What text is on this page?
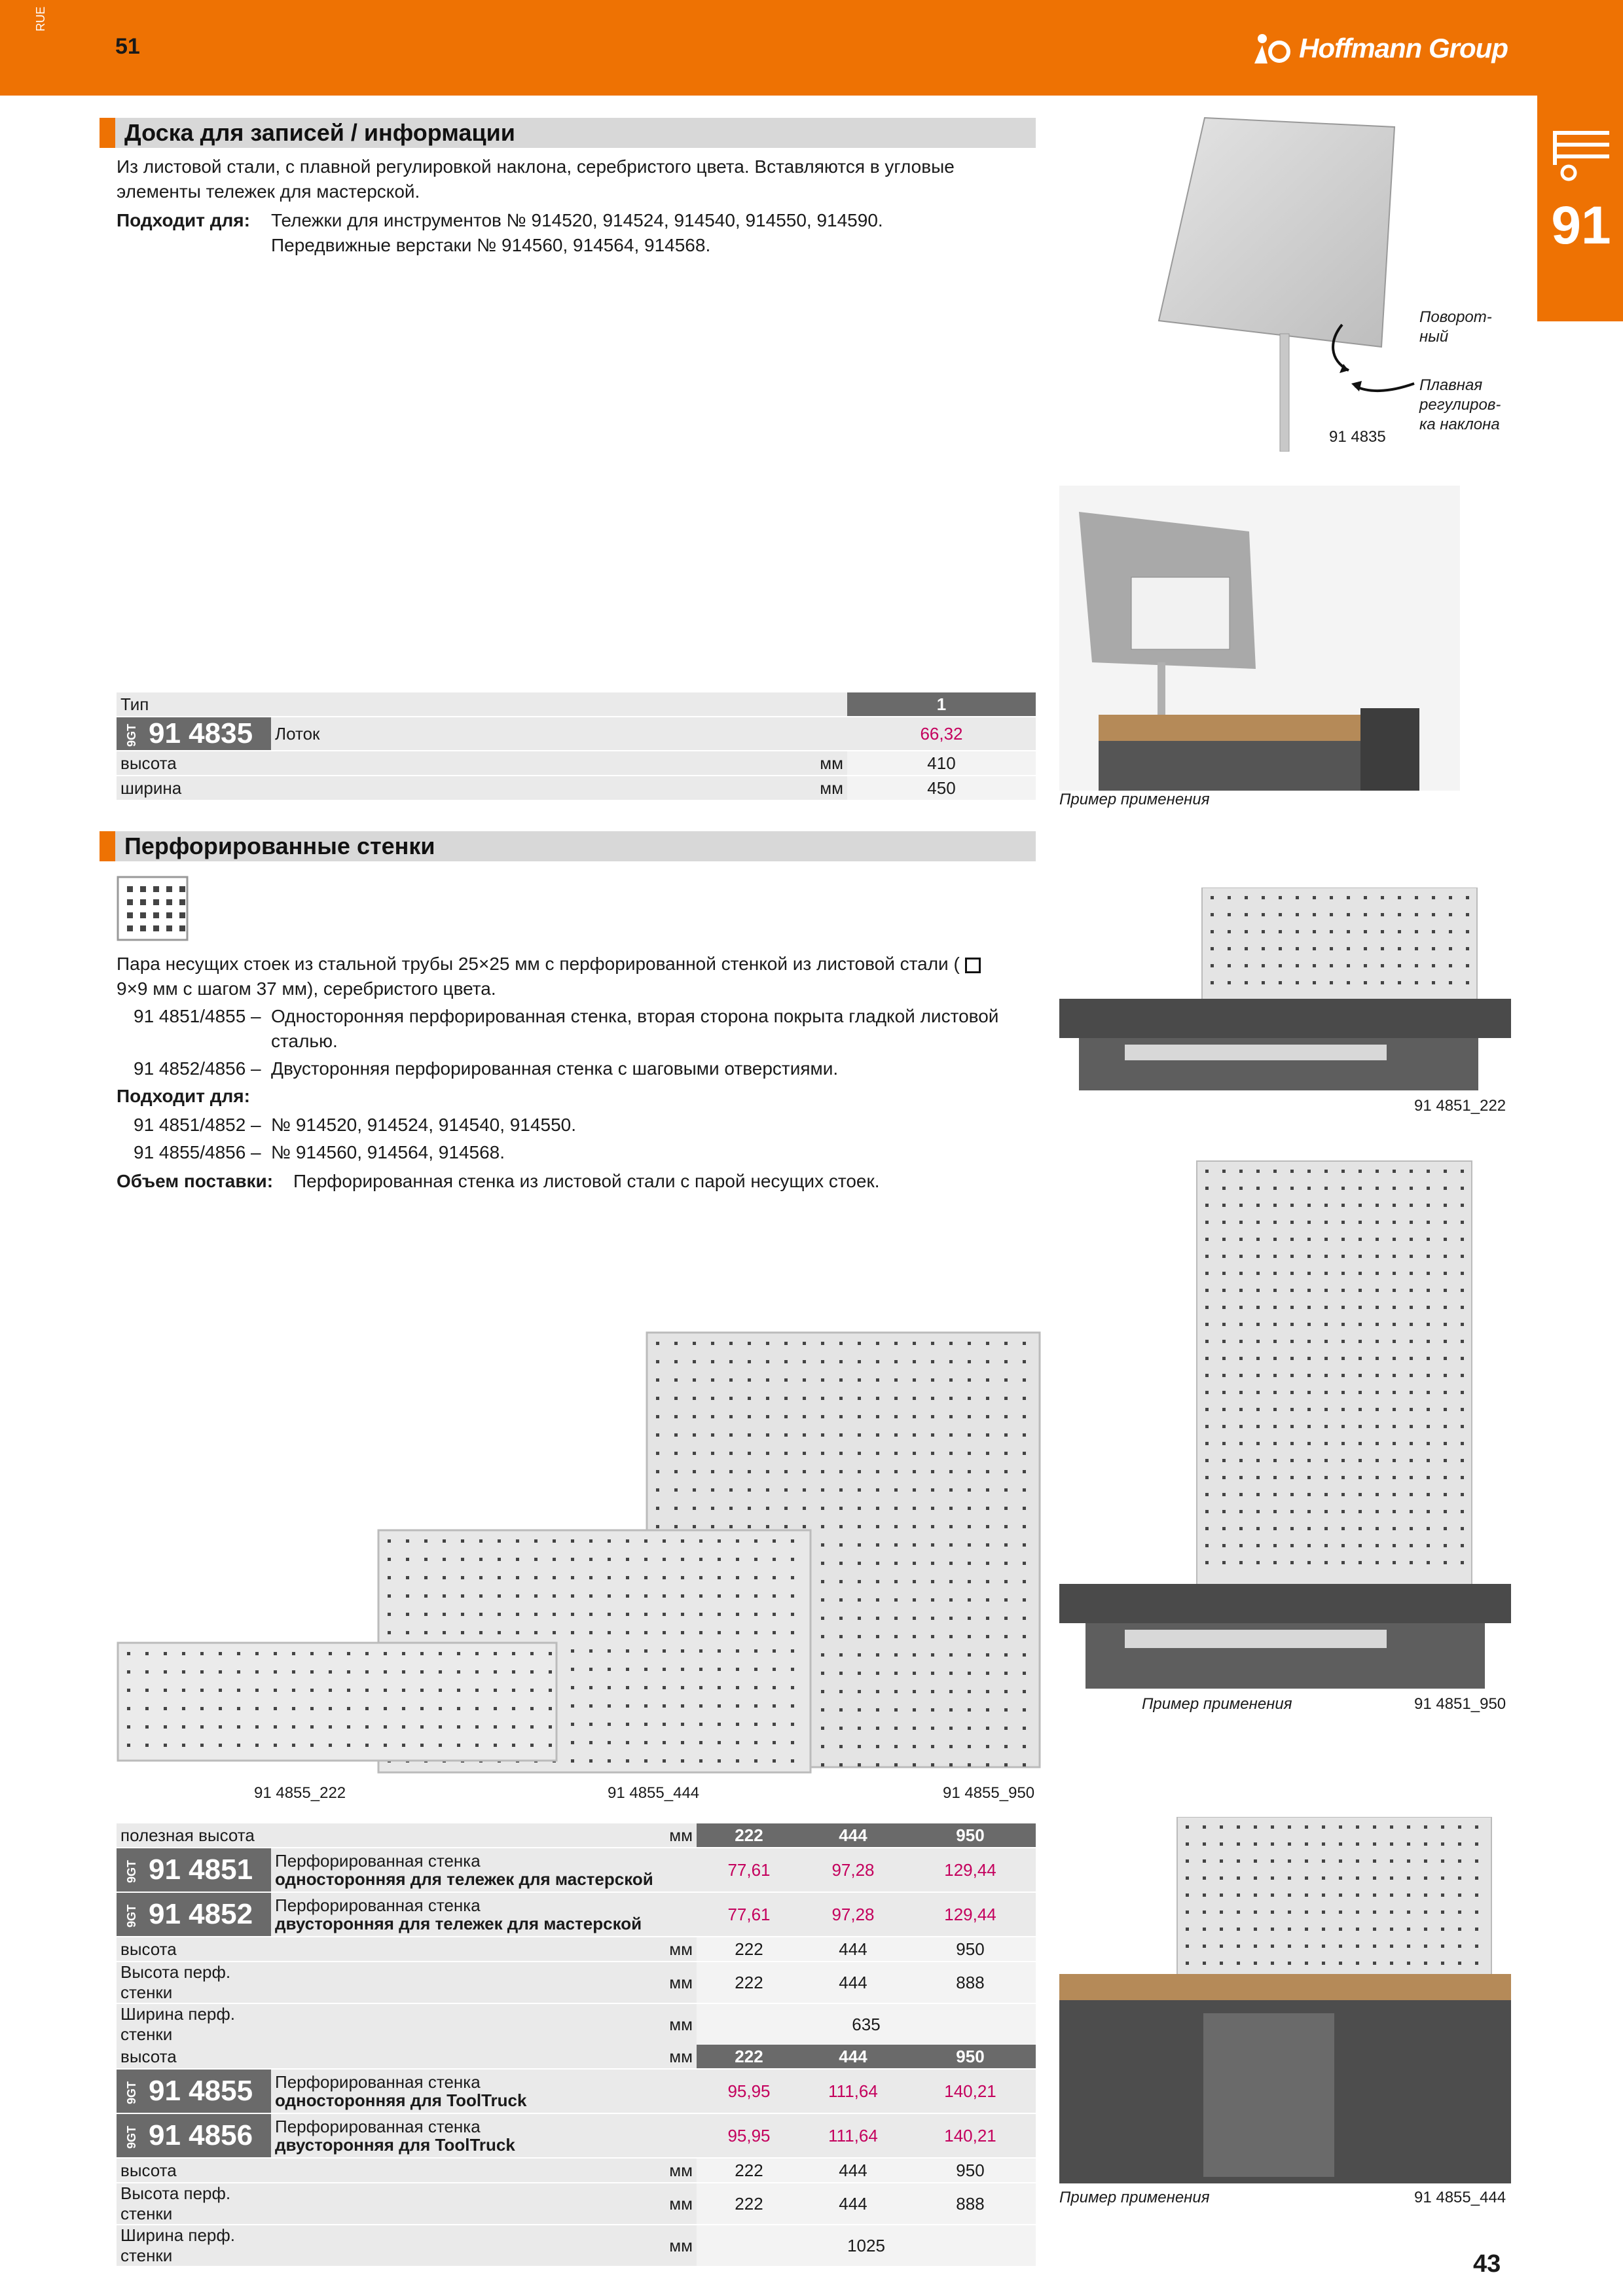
RUE
51	Hoffmann Group
91
Доска для записей / информации
Из листовой стали, с плавной регулировкой наклона, серебристого цвета. Вставляются в угловые элементы тележек для мастерской.
Подходит для: Тележки для инструментов № 914520, 914524, 914540, 914550, 914590.
Передвижные верстаки № 914560, 914564, 914568.
Поворот-
ный
Плавная
регулиров-
ка наклона
91 4835
Пример применения
Тип		1
9GT 91 4835	Лоток	66,32
высота	мм	410
ширина	мм	450
Перфорированные стенки
Пара несущих стоек из стальной трубы 25×25 мм с перфорированной стенкой из листовой стали (
9×9 мм с шагом 37 мм), серебристого цвета.
91 4851/4855 – Односторонняя перфорированная стенка, вторая сторона покрыта гладкой листовой
сталью.
91 4852/4856 – Двусторонняя перфорированная стенка с шаговыми отверстиями.
Подходит для:
91 4851/4852 – № 914520, 914524, 914540, 914550.
91 4855/4856 – № 914560, 914564, 914568.
Объем поставки: Перфорированная стенка из листовой стали с парой несущих стоек.
91 4855_222	91 4855_444	91 4855_950
91 4851_222
Пример применения	91 4851_950
Пример применения	91 4855_444
полезная высота мм		222	444	950
9GT 91 4851	Перфорированная стенка
односторонняя для тележек для мастерской	77,61	97,28	129,44
9GT 91 4852	Перфорированная стенка
двусторонняя для тележек для мастерской	77,61	97,28	129,44
высота	мм	222	444	950
Высота перф. стенки	мм	222	444	888
Ширина перф. стенки	мм	635		
высота мм		222	444	950
9GT 91 4855	Перфорированная стенка
односторонняя для ToolTruck	95,95	111,64	140,21
9GT 91 4856	Перфорированная стенка
двусторонняя для ToolTruck	95,95	111,64	140,21
высота	мм	222	444	950
Высота перф. стенки	мм	222	444	888
Ширина перф. стенки	мм	1025		
43
